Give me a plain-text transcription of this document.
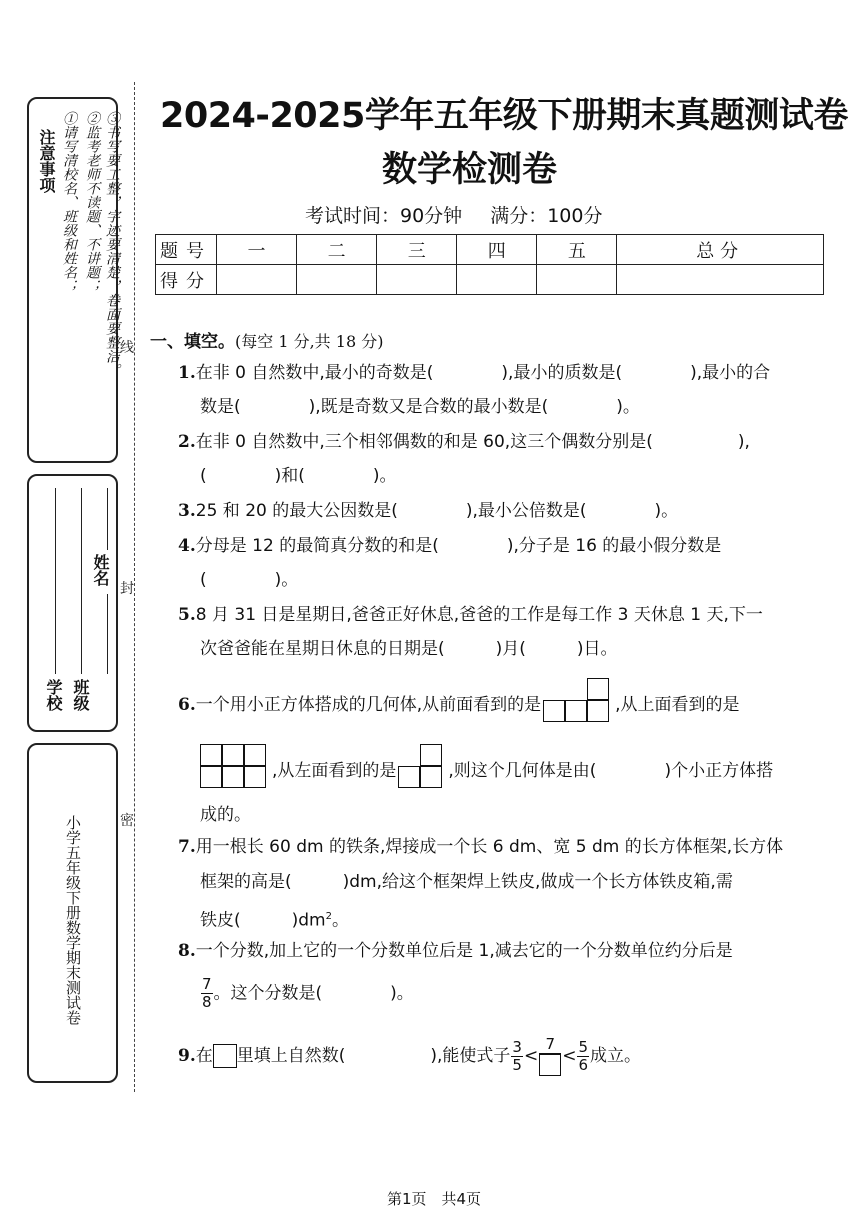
注意事项 ①请写清校名、班级和姓名； ②监考老师不读题、不讲题； ③书写要工整，字迹要清楚，卷面要整洁。
学校 班级
姓名
小学五年级下册数学期末测试卷
线
封
密
2024-2025学年五年级下册期末真题测试卷
数学检测卷
考试时间：90分钟 满分：100分
题号	一	二	三	四	五	总分
得分						
一、填空。(每空 1 分,共 18 分)
1.在非 0 自然数中,最小的奇数是(　　　　),最小的质数是(　　　　),最小的合
数是(　　　　),既是奇数又是合数的最小数是(　　　　)。
2.在非 0 自然数中,三个相邻偶数的和是 60,这三个偶数分别是(　　　　　),
(　　　　)和(　　　　)。
3.25 和 20 的最大公因数是(　　　　),最小公倍数是(　　　　)。
4.分母是 12 的最简真分数的和是(　　　　),分子是 16 的最小假分数是
(　　　　)。
5.8 月 31 日是星期日,爸爸正好休息,爸爸的工作是每工作 3 天休息 1 天,下一
次爸爸能在星期日休息的日期是(　　　)月(　　　)日。
6.一个用小正方体搭成的几何体,从前面看到的是	,从上面看到的是
,从左面看到的是	,则这个几何体是由(　　　　)个小正方体搭
成的。
7.用一根长 60 dm 的铁条,焊接成一个长 6 dm、宽 5 dm 的长方体框架,长方体
框架的高是(　　　)dm,给这个框架焊上铁皮,做成一个长方体铁皮箱,需
铁皮(　　　)$dm^2$。
8.一个分数,加上它的一个分数单位后是 1,减去它的一个分数单位约分后是
$\frac{7}{8}$ 。这个分数是(　　　　)。
9.在 里填上自然数(　　　　　),能使式子 $\frac{3}{5}$ <
7
< $\frac{5}{6}$ 成立。
第1页　共4页
